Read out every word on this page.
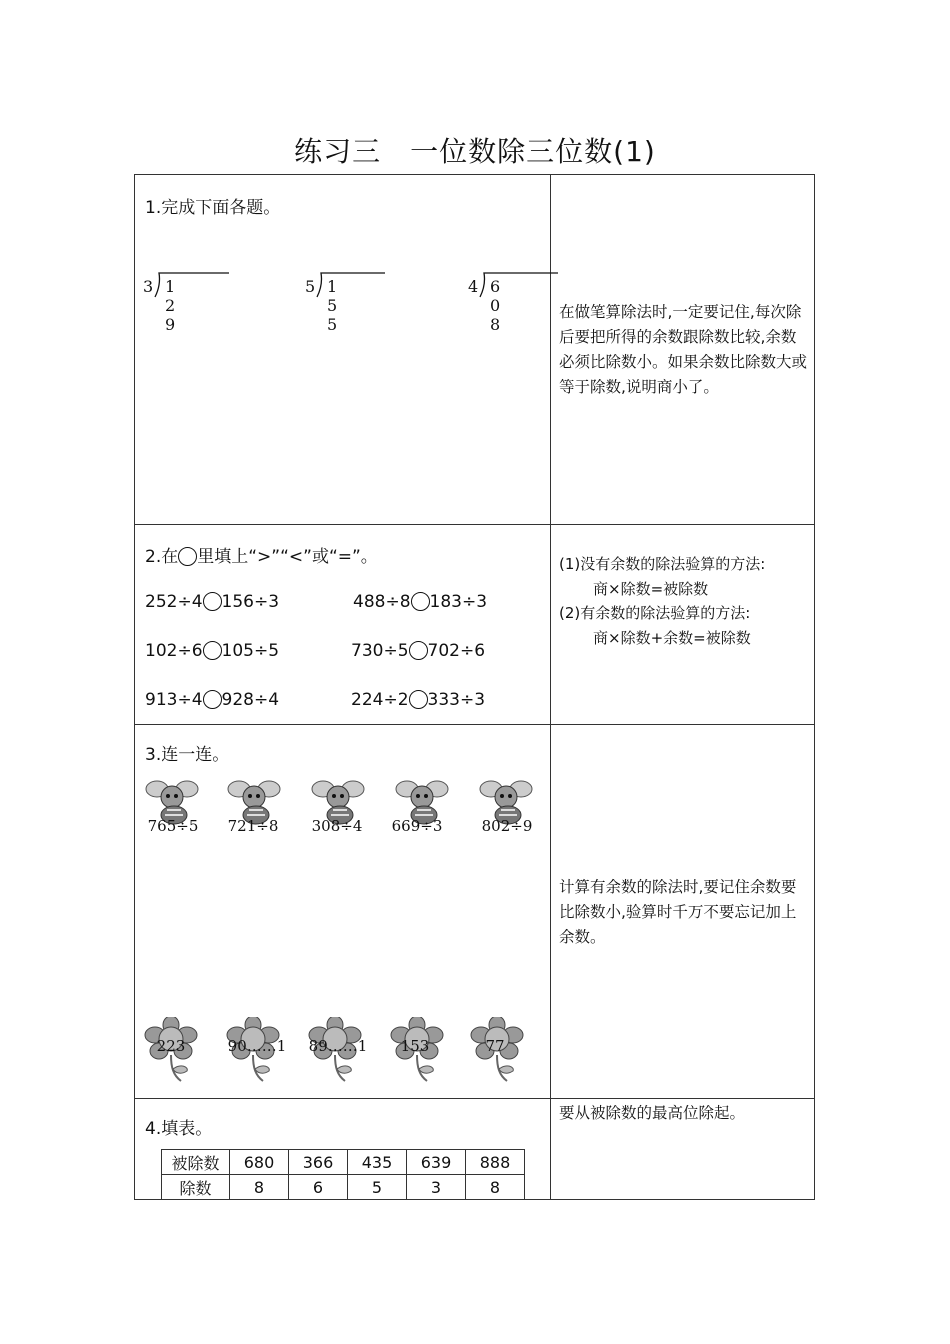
练习三　一位数除三位数(1)
1.完成下面各题。
3 1 2 9
5 1 5 5
4 6 0 8
在做笔算除法时,一定要记住,每次除后要把所得的余数跟除数比较,余数必须比除数小。如果余数比除数大或等于除数,说明商小了。
2.在 里填上“>”“<”或“=”。
252÷4 156÷3	488÷8 183÷3
102÷6 105÷5	730÷5 702÷6
913÷4 928÷4	224÷2 333÷3
(1)没有余数的除法验算的方法:
商×除数=被除数
(2)有余数的除法验算的方法:
商×除数+余数=被除数
3.连一连。
765÷5	721÷8	308÷4	669÷3	802÷9
223	90……1	89……1	153	77
计算有余数的除法时,要记住余数要比除数小,验算时千万不要忘记加上余数。
4.填表。
被除数	680	366	435	639	888
除数	8	6	5	3	8
要从被除数的最高位除起。
